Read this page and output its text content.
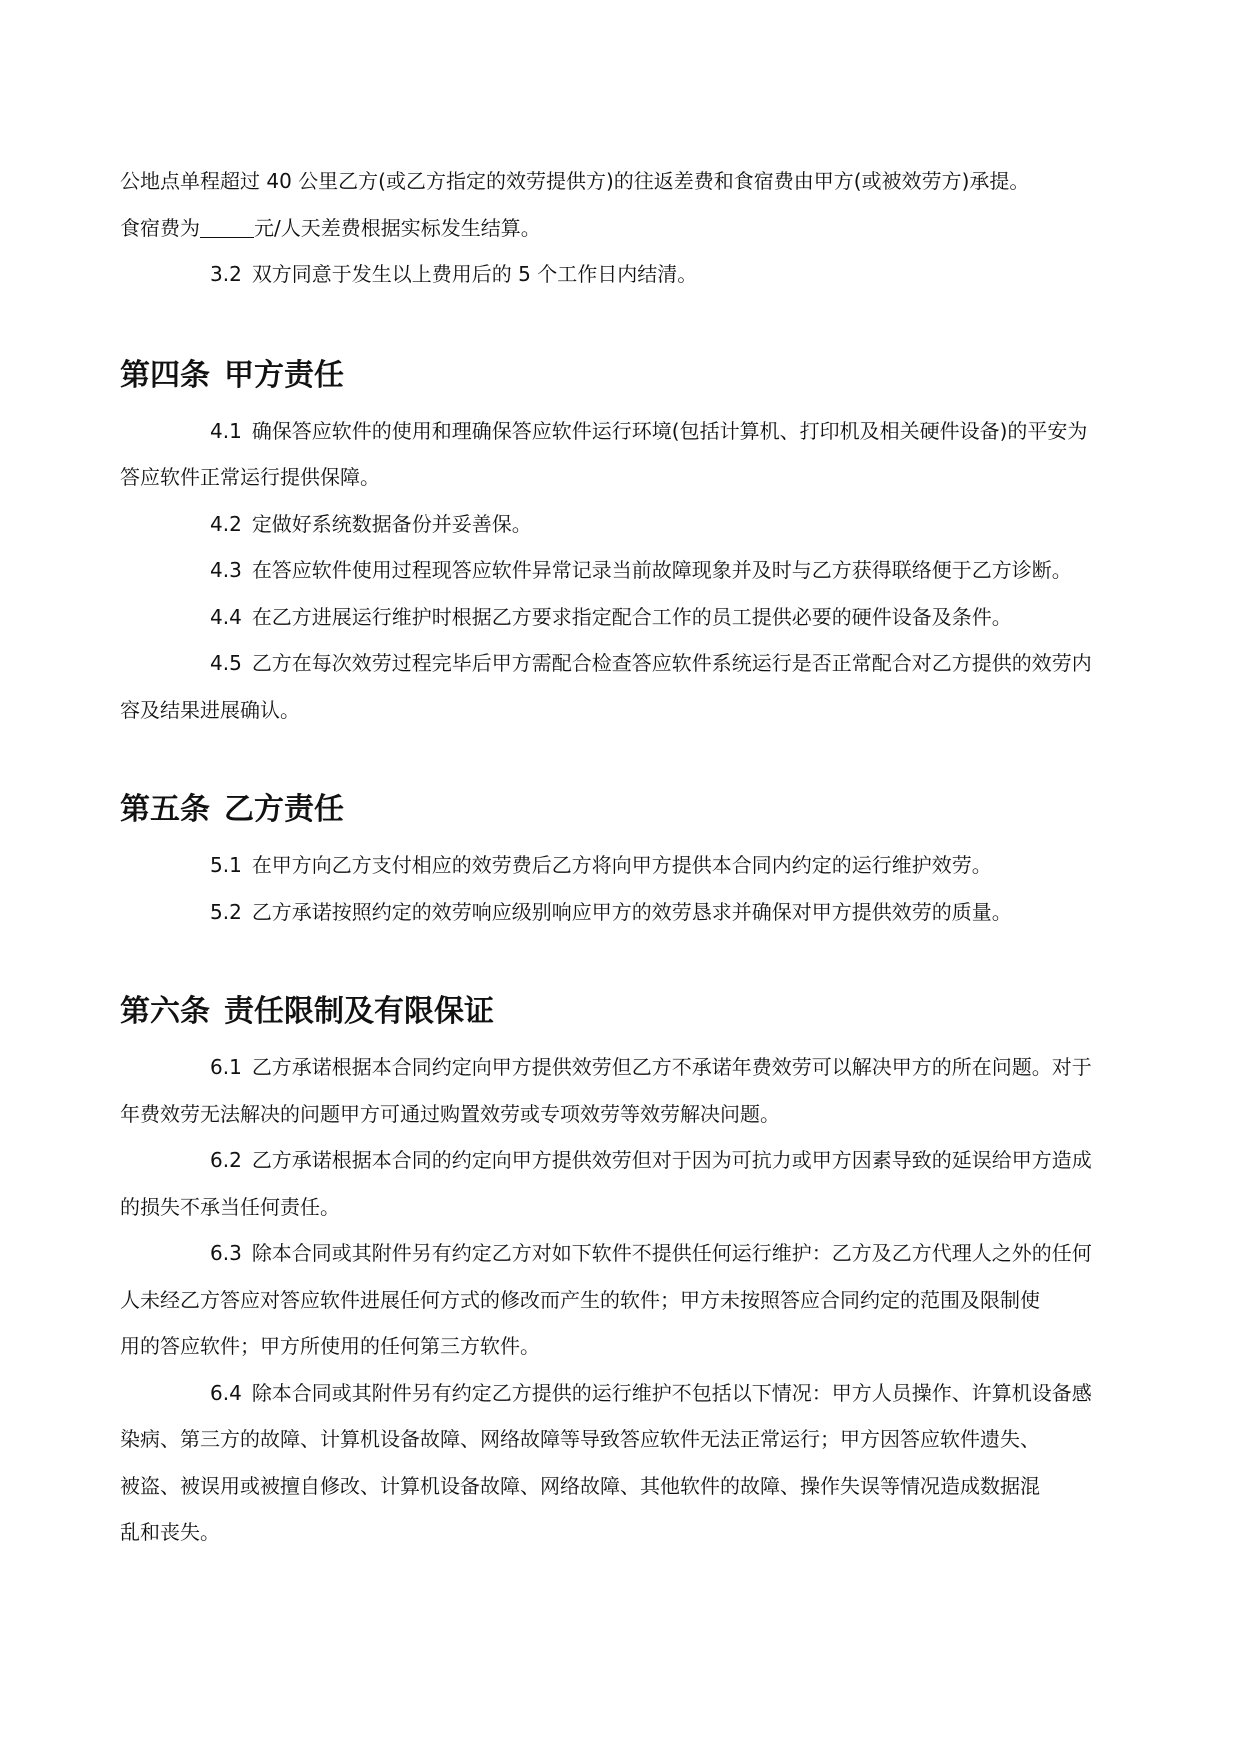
公地点单程超过 40 公里乙方(或乙方指定的效劳提供方)的往返差费和食宿费由甲方(或被效劳方)承提。

食宿费为	元/人天差费根据实标发生结算。

3.2 双方同意于发生以上费用后的 5 个工作日内结清。

第四条 甲方责任

4.1 确保答应软件的使用和理确保答应软件运行环境(包括计算机、打印机及相关硬件设备)的平安为

答应软件正常运行提供保障。

4.2 定做好系统数据备份并妥善保。

4.3 在答应软件使用过程现答应软件异常记录当前故障现象并及时与乙方获得联络便于乙方诊断。

4.4 在乙方进展运行维护时根据乙方要求指定配合工作的员工提供必要的硬件设备及条件。

4.5 乙方在每次效劳过程完毕后甲方需配合检查答应软件系统运行是否正常配合对乙方提供的效劳内

容及结果进展确认。

第五条 乙方责任

5.1 在甲方向乙方支付相应的效劳费后乙方将向甲方提供本合同内约定的运行维护效劳。

5.2 乙方承诺按照约定的效劳响应级别响应甲方的效劳恳求并确保对甲方提供效劳的质量。

第六条 责任限制及有限保证

6.1 乙方承诺根据本合同约定向甲方提供效劳但乙方不承诺年费效劳可以解决甲方的所在问题。对于

年费效劳无法解决的问题甲方可通过购置效劳或专项效劳等效劳解决问题。

6.2 乙方承诺根据本合同的约定向甲方提供效劳但对于因为可抗力或甲方因素导致的延误给甲方造成

的损失不承当任何责任。

6.3 除本合同或其附件另有约定乙方对如下软件不提供任何运行维护：乙方及乙方代理人之外的任何

人未经乙方答应对答应软件进展任何方式的修改而产生的软件；甲方未按照答应合同约定的范围及限制使

用的答应软件；甲方所使用的任何第三方软件。

6.4 除本合同或其附件另有约定乙方提供的运行维护不包括以下情况：甲方人员操作、许算机设备感

染病、第三方的故障、计算机设备故障、网络故障等导致答应软件无法正常运行；甲方因答应软件遗失、

被盗、被误用或被擅自修改、计算机设备故障、网络故障、其他软件的故障、操作失误等情况造成数据混

乱和丧失。
